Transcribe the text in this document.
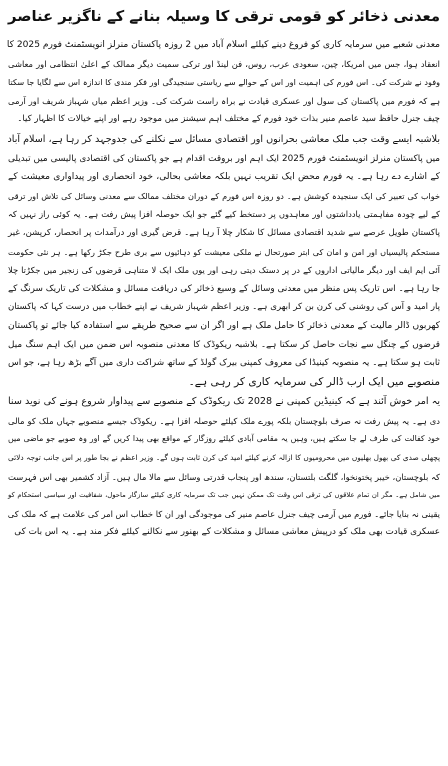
معدنی ذخائر کو قومی ترقی کا وسیلہ بنانے کے ناگزیر عناصر
معدنی شعبے میں سرمایہ کاری کو فروغ دینے کیلئے اسلام آباد میں 2 روزہ پاکستان منرلز انویسٹمنٹ فورم 2025 کا
انعقاد ہوا، جس میں امریکا، چین، سعودی عرب، روس، فن لینڈ اور ترکی سمیت دیگر ممالک کے اعلیٰ انتظامی اور معاشی
وفود نے شرکت کی۔ اس فورم کی اہمیت اور اس کے حوالے سے ریاستی سنجیدگی اور فکر مندی کا اندازہ اس سے لگایا جا سکتا
ہے کہ فورم میں پاکستان کی سول اور عسکری قیادت نے براہ راست شرکت کی۔ وزیر اعظم میاں شہباز شریف اور آرمی
چیف جنرل حافظ سید عاصم منیر بذات خود فورم کے مختلف اہم سیشنز میں موجود رہے اور اپنے خیالات کا اظہار کیا۔
بلاشبہ ایسے وقت جب ملک معاشی بحرانوں اور اقتصادی مسائل سے نکلنے کی جدوجہد کر رہا ہے، اسلام آباد
میں پاکستان منرلز انویسٹمنٹ فورم 2025 ایک اہم اور بروقت اقدام ہے جو پاکستان کی اقتصادی پالیسی میں تبدیلی
کے اشارے دے رہا ہے۔ یہ فورم محض ایک تقریب نہیں بلکہ معاشی بحالی، خود انحصاری اور پیداواری معیشت کے
خواب کی تعبیر کی ایک سنجیدہ کوشش ہے۔ دو روزہ اس فورم کے دوران مختلف ممالک سے معدنی وسائل کی تلاش اور ترقی
کے لیے چودہ مفاہمتی یادداشتوں اور معاہدوں پر دستخط کیے گئے جو ایک حوصلہ افزا پیش رفت ہے۔ یہ کوئی راز نہیں کہ
پاکستان طویل عرصے سے شدید اقتصادی مسائل کا شکار چلا آ رہا ہے۔ قرض گیری اور درآمدات پر انحصار، کرپشن، غیر
مستحکم پالیسیاں اور امن و امان کی ابتر صورتحال نے ملکی معیشت کو دہائیوں سے بری طرح جکڑ رکھا ہے۔ ہر نئی حکومت
آئی ایم ایف اور دیگر مالیاتی اداروں کے در پر دستک دیتی رہی اور یوں ملک ایک لا متناہی قرضوں کی زنجیر میں جکڑتا چلا
جا رہا ہے۔ اس تاریک پس منظر میں معدنی وسائل کے وسیع ذخائر کی دریافت مسائل و مشکلات کی تاریک سرنگ کے
پار امید و آس کی روشنی کی کرن بن کر ابھری ہے۔ وزیر اعظم شہباز شریف نے اپنے خطاب میں درست کہا کہ پاکستان
کھربوں ڈالر مالیت کے معدنی ذخائر کا حامل ملک ہے اور اگر ان سے صحیح طریقے سے استفادہ کیا جائے تو پاکستان
قرضوں کے چنگل سے نجات حاصل کر سکتا ہے۔ بلاشبہ ریکوڈک کا معدنی منصوبہ اس ضمن میں ایک اہم سنگ میل
ثابت ہو سکتا ہے۔ یہ منصوبہ کینیڈا کی معروف کمپنی بیرک گولڈ کے ساتھ شراکت داری میں آگے بڑھ رہا ہے، جو اس
منصوبے میں ایک ارب ڈالر کی سرمایہ کاری کر رہی ہے۔
یہ امر خوش آئند ہے کہ کینیڈین کمپنی نے 2028 تک ریکوڈک کے منصوبے سے پیداوار شروع ہونے کی نوید سنا
دی ہے۔ یہ پیش رفت نہ صرف بلوچستان بلکہ پورے ملک کیلئے حوصلہ افزا ہے۔ ریکوڈک جیسے منصوبے جہاں ملک کو مالی
خود کفالت کی طرف لے جا سکتے ہیں، وہیں یہ مقامی آبادی کیلئے روزگار کے مواقع بھی پیدا کریں گے اور وہ صوبے جو ماضی میں
پچھلی صدی کی بھول بھلیوں میں محرومیوں کا ازالہ کرنے کیلئے امید کی کرن ثابت ہوں گے۔ وزیر اعظم نے بجا طور پر اس جانب توجہ دلائی
کہ بلوچستان، خیبر پختونخوا، گلگت بلتستان، سندھ اور پنجاب قدرتی وسائل سے مالا مال ہیں۔ آزاد کشمیر بھی اس فہرست
میں شامل ہے۔ مگر ان تمام علاقوں کی ترقی اس وقت تک ممکن نہیں جب تک سرمایہ کاری کیلئے سازگار ماحول، شفافیت اور سیاسی استحکام کو
یقینی نہ بنایا جائے۔ فورم میں آرمی چیف جنرل عاصم منیر کی موجودگی اور ان کا خطاب اس امر کی علامت ہے کہ ملک کی
عسکری قیادت بھی ملک کو درپیش معاشی مسائل و مشکلات کے بھنور سے نکالنے کیلئے فکر مند ہے۔ یہ اس بات کی
